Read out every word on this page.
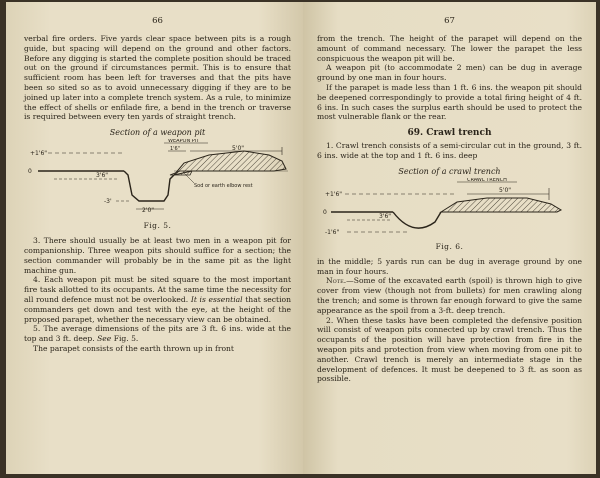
66

verbal fire orders. Five yards clear space between pits is a rough guide, but spacing will depend on the ground and other factors. Before any digging is started the complete position should be traced out on the ground if circumstances permit. This is to ensure that sufficient room has been left for traverses and that the pits have been so sited so as to avoid unnecessary digging if they are to be joined up later into a complete trench system. As a rule, to minimize the effect of shells or enfilade fire, a bend in the trench or traverse is required between every ten yards of straight trench.

Section of a weapon pit
+1'6"
WEAPON PIT
1'6"	5'0"
0
3'6"
-3'
2'0"
Sod or earth elbow rest
Fig. 5.

3. There should usually be at least two men in a weapon pit for companionship. Three weapon pits should suffice for a section; the section commander will probably be in the same pit as the light machine gun.

4. Each weapon pit must be sited square to the most important fire task allotted to its occupants. At the same time the necessity for all round defence must not be overlooked. It is essential that section commanders get down and test with the eye, at the height of the proposed parapet, whether the necessary view can be obtained.

5. The average dimensions of the pits are 3 ft. 6 ins. wide at the top and 3 ft. deep. See Fig. 5.

The parapet consists of the earth thrown up in front

67

from the trench. The height of the parapet will depend on the amount of command necessary. The lower the parapet the less conspicuous the weapon pit will be.

A weapon pit (to accommodate 2 men) can be dug in average ground by one man in four hours.

If the parapet is made less than 1 ft. 6 ins. the weapon pit should be deepened correspondingly to provide a total firing height of 4 ft. 6 ins. In such cases the surplus earth should be used to protect the most vulnerable flank or the rear.

69. Crawl trench

1. Crawl trench consists of a semi-circular cut in the ground, 3 ft. 6 ins. wide at the top and 1 ft. 6 ins. deep

Section of a crawl trench
CRAWL TRENCH
+1'6"
5'0"
0
3'6"
-1'6"
Fig. 6.

in the middle; 5 yards run can be dug in average ground by one man in four hours.

Note.—Some of the excavated earth (spoil) is thrown high to give cover from view (though not from bullets) for men crawling along the trench; and some is thrown far enough forward to give the same appearance as the spoil from a 3-ft. deep trench.

2. When these tasks have been completed the defensive position will consist of weapon pits connected up by crawl trench. Thus the occupants of the position will have protection from fire in the weapon pits and protection from view when moving from one pit to another. Crawl trench is merely an intermediate stage in the development of defences. It must be deepened to 3 ft. as soon as possible.
